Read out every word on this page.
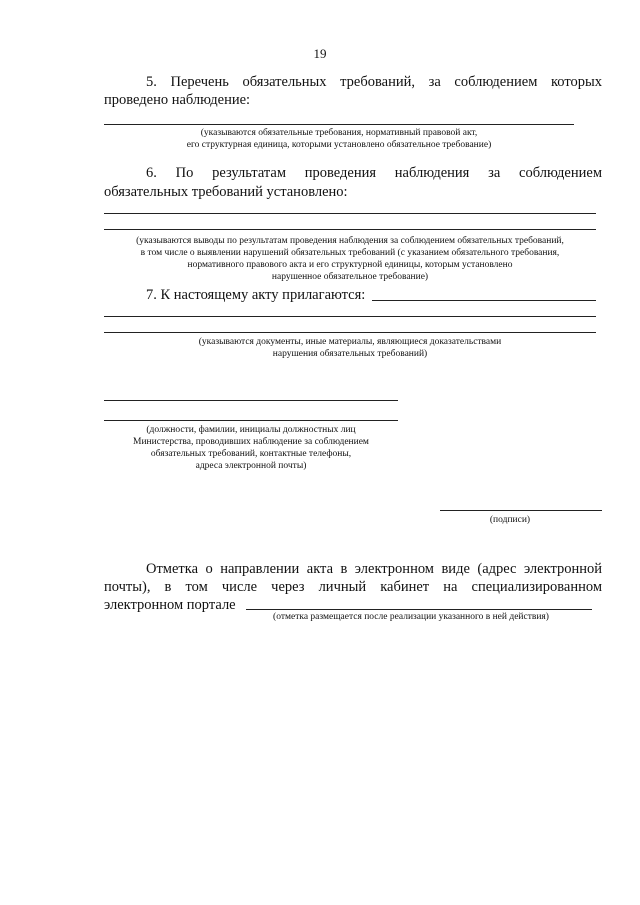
19
5. Перечень обязательных требований, за соблюдением которых
проведено наблюдение:
(указываются обязательные требования, нормативный правовой акт,
его структурная единица, которыми установлено обязательное требование)
6. По результатам проведения наблюдения за соблюдением
обязательных требований установлено:
(указываются выводы по результатам проведения наблюдения за соблюдением обязательных требований,
в том числе о выявлении нарушений обязательных требований (с указанием обязательного требования,
нормативного правового акта и его структурной единицы, которым установлено
нарушенное обязательное требование)
7. К настоящему акту прилагаются:
(указываются документы, иные материалы, являющиеся доказательствами
нарушения обязательных требований)
(должности, фамилии, инициалы должностных лиц
Министерства, проводивших наблюдение за соблюдением
обязательных требований, контактные телефоны,
адреса электронной почты)
(подписи)
Отметка о направлении акта в электронном виде (адрес электронной
почты), в том числе через личный кабинет на специализированном
электронном портале
(отметка размещается после реализации указанного в ней действия)
